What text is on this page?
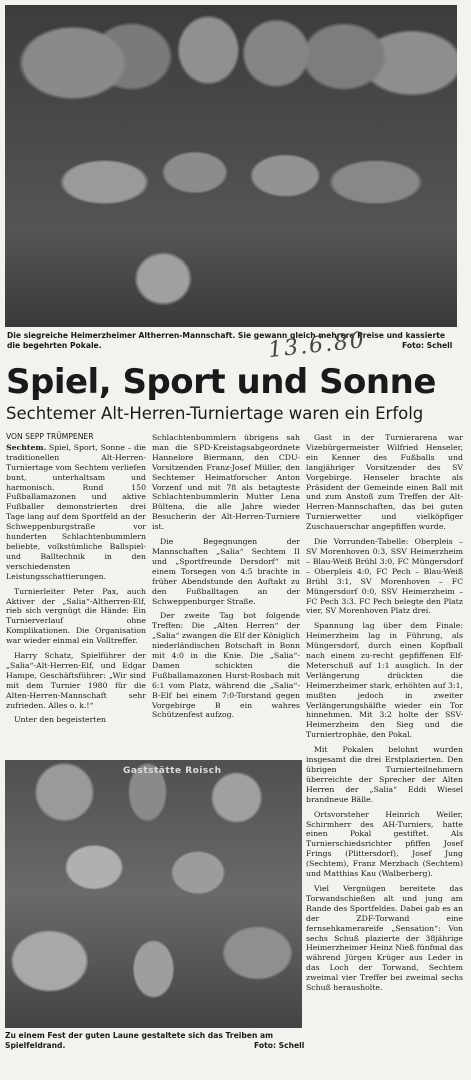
Die siegreiche Heimerzheimer Altherren-Mannschaft. Sie gewann gleich mehrere Preise und kassierte die begehrten Pokale.	Foto: Schell
13.6.80
Spiel, Sport und Sonne
Sechtemer Alt-Herren-Turniertage waren ein Erfolg
VON SEPP TRÜMPENER

Sechtem. Spiel, Sport, Sonne – die traditionellen Alt-Herren-Turniertage vom Sechtem verliefen bunt, unterhaltsam und harmonisch. Rund 150 Fußballamazonen und aktive Fußballer demonstrierten drei Tage lang auf dem Sportfeld an der Schweppenburgstraße vor hunderten Schlachtenbummlern beliebte, volkstümliche Ballspiel- und Balltechnik in den verschiedensten Leistungsschattierungen.

Turnierleiter Peter Pax, auch Aktiver der „Salia“-Altherren-Elf, rieb sich vergnügt die Hände: Ein Turnierverlauf ohne Komplikationen. Die Organisation war wieder einmal ein Volltreffer.

Harry Schatz, Spielführer der „Salia“-Alt-Herren-Elf, und Edgar Hampe, Geschäftsführer: „Wir sind mit dem Turnier 1980 für die Alten-Herren-Mannschaft sehr zufrieden. Alles o. k.!“

Unter den begeisterten

Schlachtenbummlern übrigens sah man die SPD-Kreistagsabgeordnete Hannelore Biermann, den CDU-Vorsitzenden Franz-Josef Müller, den Sechtemer Heimatforscher Anton Vorzenf und mit 78 als betagteste Schlachtenbummlerin Mutter Lena Bültena, die alle Jahre wieder Besucherin der Alt-Herren-Turniere ist.

Die Begegnungen der Mannschaften „Salia“ Sechtem II und „Sportfreunde Dersdorf“ mit einem Torsegen von 4:5 brachte in früher Abendstunde den Auftakt zu den Fußballtagen an der Schweppenburger Straße.

Der zweite Tag bot folgende Treffen: Die „Alten Herren“ der „Salia“ zwangen die Elf der Königlich niederländischen Botschaft in Bonn mit 4:0 in die Knie. Die „Salia“-Damen schickten die Fußballamazonen Hurst-Rosbach mit 6:1 vom Platz, während die „Salia“-B-Elf bei einem 7:0-Torstand gegen Vorgebirge B ein wahres Schützenfest aufzog.

Gast in der Turnierarena war Vizebürgermeister Wilfried Henseler, ein Kenner des Fußballs und langjähriger Vorsitzender des SV Vorgebirge. Henseler brachte als Präsident der Gemeinde einen Ball mit und zum Anstoß zum Treffen der Alt-Herren-Mannschaften, das bei guten Turnierwetter und vielköpfiger Zuschauerschar angepfiffen wurde.

Die Vorrunden-Tabelle: Oberpleis – SV Morenhoven 0:3, SSV Heimerzheim – Blau-Weiß Brühl 3:0, FC Müngersdorf – Oberpleis 4:0, FC Pech – Blau-Weiß Brühl 3:1, SV Morenhoven – FC Müngersdorf 0:0, SSV Heimerzheim – FC Pech 3:3. FC Pech belegte den Platz vier, SV Morenhoven Platz drei.

Spannung lag über dem Finale: Heimerzheim lag in Führung, als Müngersdorf, durch einen Kopfball nach einem zu-recht gepfiffenen Elf-Meterschuß auf 1:1 ausglich. In der Verlängerung drückten die Heimerzheimer stark, erhöhten auf 3:1, mußten jedoch in zweiter Verlängerungshälfte wieder ein Tor hinnehmen. Mit 3:2 holte der SSV-Heimerzheim den Sieg und die Turniertrophäe, den Pokal.

Mit Pokalen belohnt wurden insgesamt die drei Erstplazierten. Den übrigen Turnierteilnehmern überreichte der Sprecher der Alten Herren der „Salia“ Eddi Wiesel brandneue Bälle.

Ortsvorsteher Heinrich Weiler, Schirmherr des AH-Turniers, hatte einen Pokal gestiftet. Als Turnierschiedsrichter pfiffen Josef Frings (Plittersdorf), Josef Jung (Sechtem), Franz Merzbach (Sechtem) und Matthias Kau (Walberberg).

Viel Vergnügen bereitete das Torwandschießen alt und jung am Rande des Sportfeldes. Dabei gab es an der ZDF-Torwand eine fernsehkamerareife „Sensation“: Von sechs Schuß plazierte der 38jährige Heimerzheimer Heinz Nieß fünfmal das während Jürgen Krüger aus Leder in das Loch der Torwand, Sechtem zweimal vier Treffer bei zweimal sechs Schuß herausholte.

Gaststätte Roisch
Zu einem Fest der guten Laune gestaltete sich das Treiben am Spielfeldrand.	Foto: Schell
